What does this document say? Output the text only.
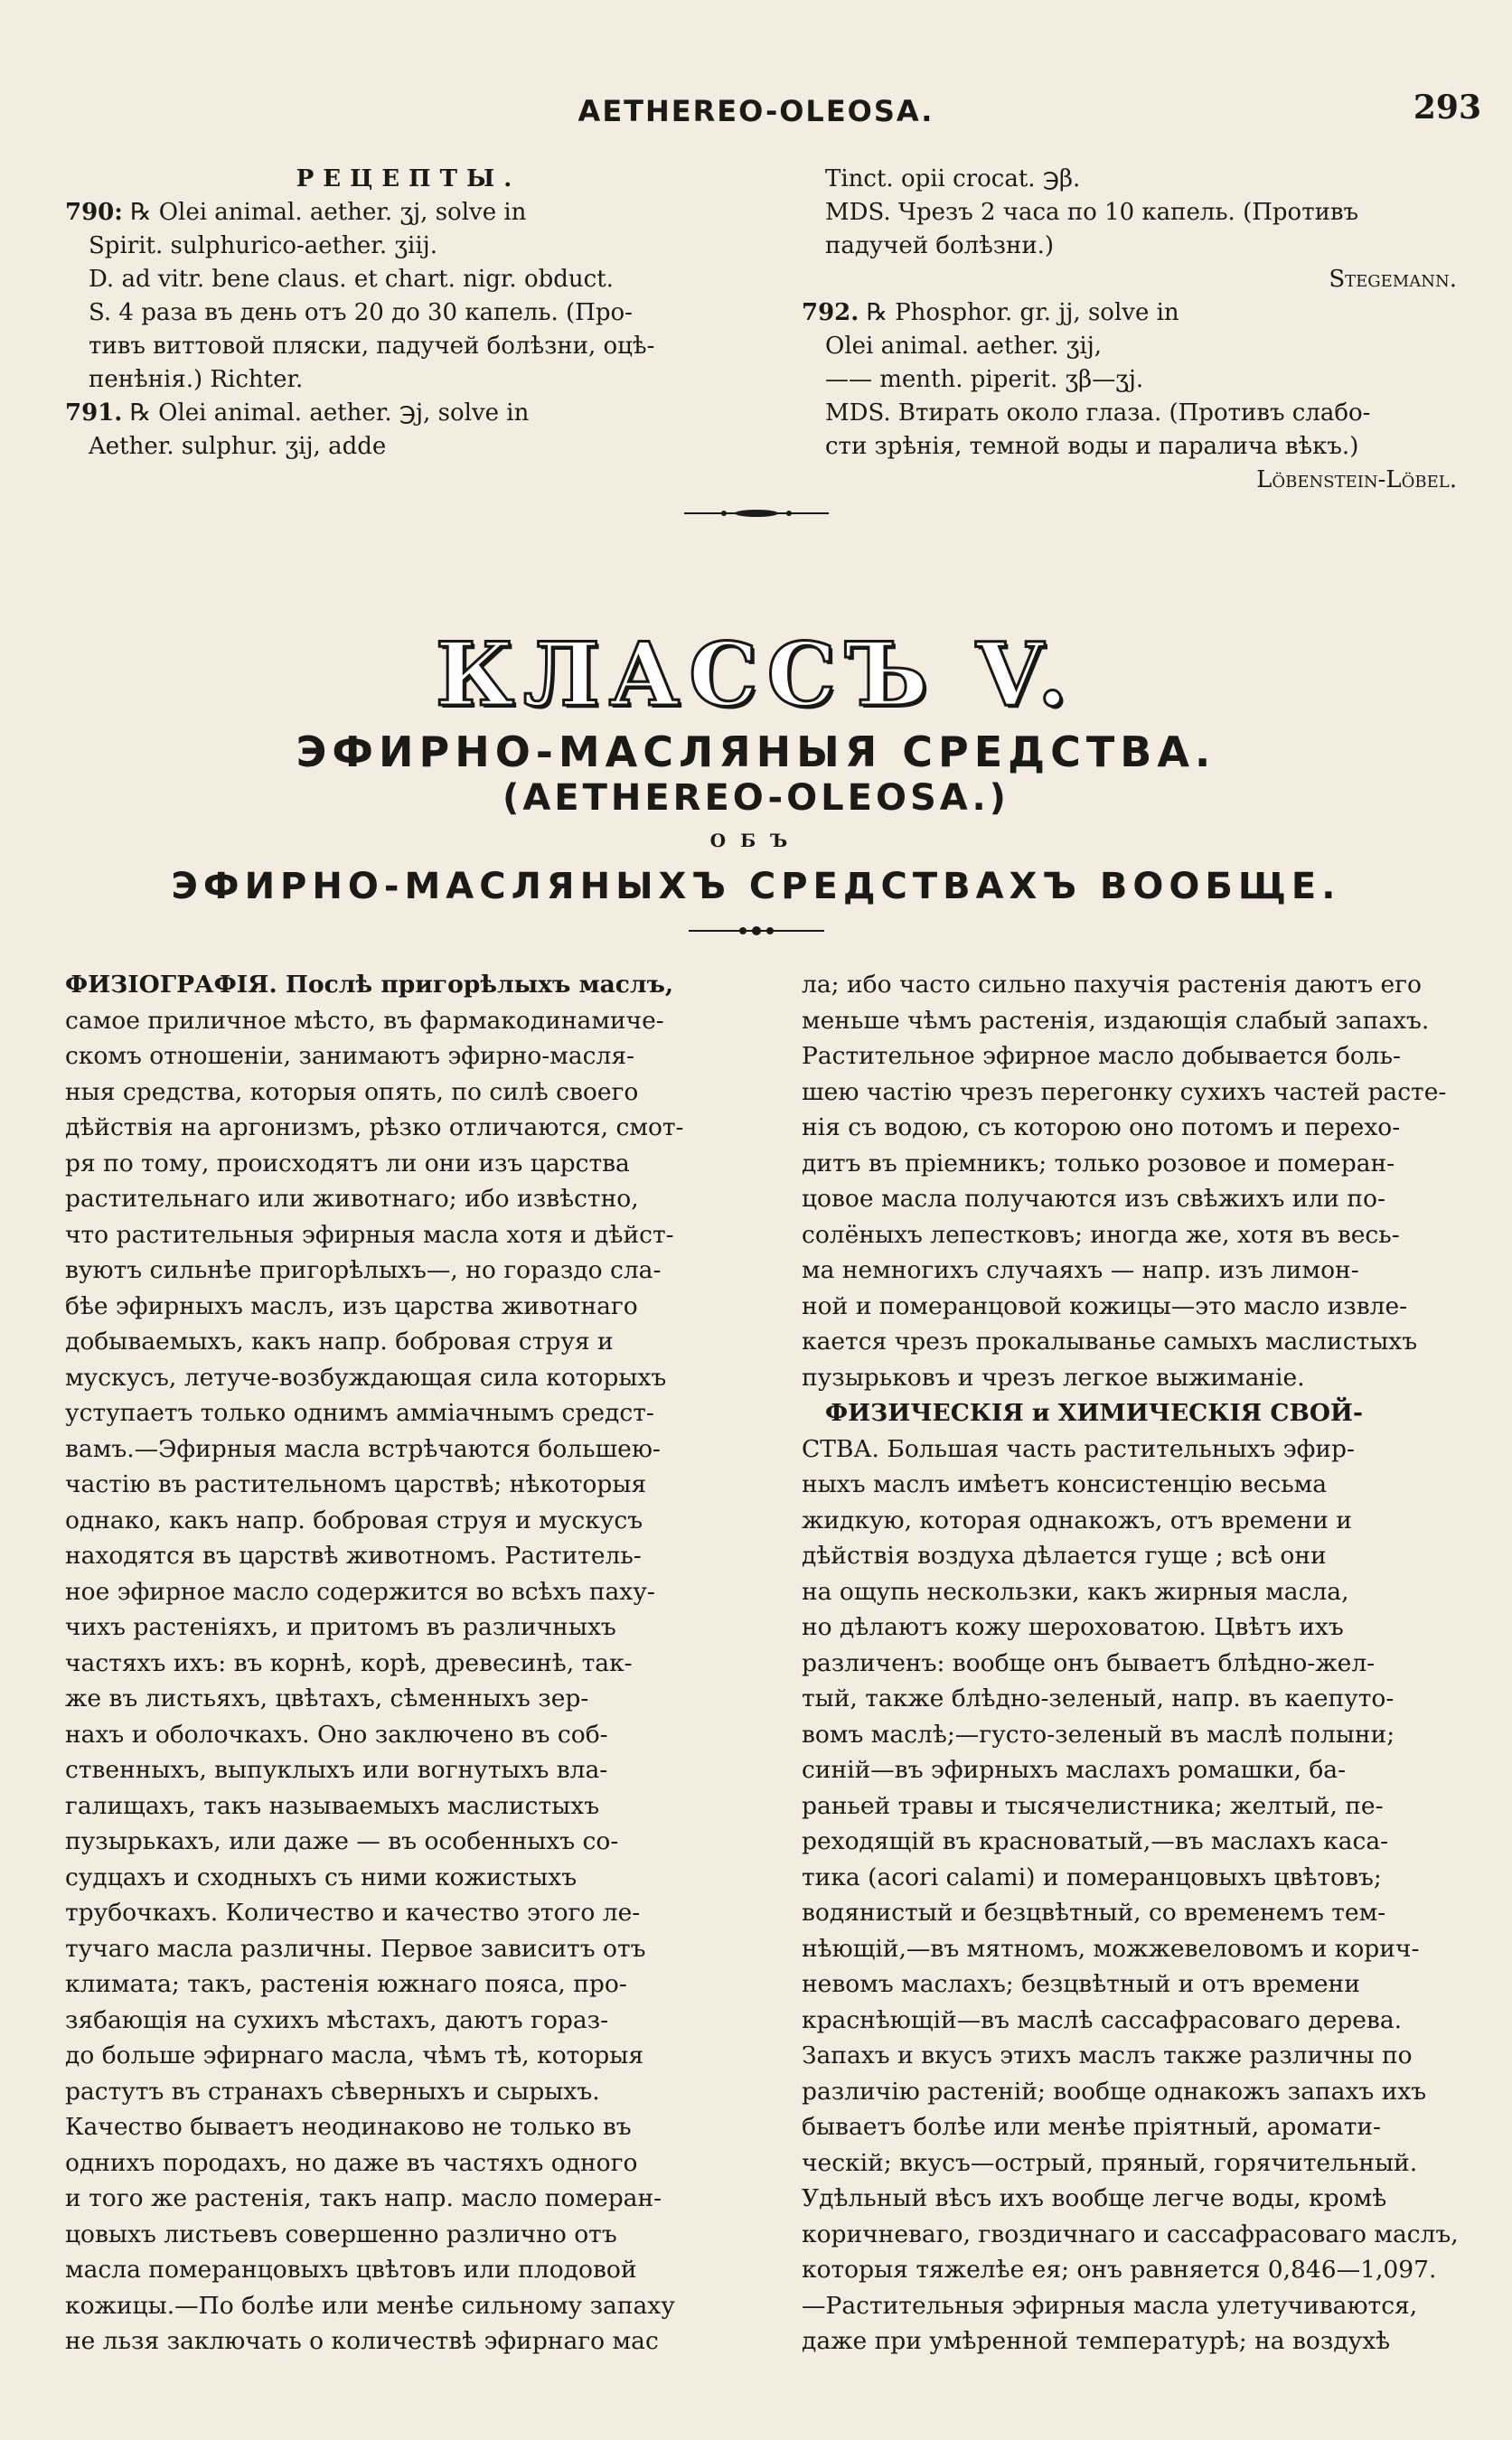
AETHEREO-OLEOSA.	293

РЕЦЕПТЫ.

790: ℞ Olei animal. aether. ʒj, solve in

Spirit. sulphurico-aether. ʒiij.

D. ad vitr. bene claus. et chart. nigr. obduct.

S. 4 раза въ день отъ 20 до 30 капель. (Про-

тивъ виттовой пляски, падучей болѣзни, оцѣ-

пенѣнія.) Richter.

791. ℞ Olei animal. aether. ℈j, solve in

Aether. sulphur. ʒij, adde

Tinct. opii crocat. ℈β.

MDS. Чрезъ 2 часа по 10 капель. (Противъ

падучей болѣзни.)

Stegemann.

792. ℞ Phosphor. gr. jj, solve in

Olei animal. aether. ʒij,

—— menth. piperit. ʒβ—ʒj.

MDS. Втирать около глаза. (Противъ слабо-

сти зрѣнія, темной воды и паралича вѣкъ.)

Löbenstein-Löbel.

КЛАССЪ V.
ЭФИРНО-МАСЛЯНЫЯ СРЕДСТВА.
(AETHEREO-OLEOSA.)
ОБЪ
ЭФИРНО-МАСЛЯНЫХЪ СРЕДСТВАХЪ ВООБЩЕ.

ФИЗІОГРАФІЯ. Послѣ пригорѣлыхъ маслъ,

самое приличное мѣсто, въ фармакодинамиче-

скомъ отношеніи, занимаютъ эфирно-масля-

ныя средства, которыя опять, по силѣ своего

дѣйствія на аргонизмъ, рѣзко отличаются, смот-

ря по тому, происходятъ ли они изъ царства

растительнаго или животнаго; ибо извѣстно,

что растительныя эфирныя масла хотя и дѣйст-

вуютъ сильнѣе пригорѣлыхъ—, но гораздо сла-

бѣе эфирныхъ маслъ, изъ царства животнаго

добываемыхъ, какъ напр. бобровая струя и

мускусъ, летуче-возбуждающая сила которыхъ

уступаетъ только однимъ аммiачнымъ средст-

вамъ.—Эфирныя масла встрѣчаются большею-

частію въ растительномъ царствѣ; нѣкоторыя

однако, какъ напр. бобровая струя и мускусъ

находятся въ царствѣ животномъ. Раститель-

ное эфирное масло содержится во всѣхъ паху-

чихъ растеніяхъ, и притомъ въ различныхъ

частяхъ ихъ: въ корнѣ, корѣ, древесинѣ, так-

же въ листьяхъ, цвѣтахъ, сѣменныхъ зер-

нахъ и оболочкахъ. Оно заключено въ соб-

ственныхъ, выпуклыхъ или вогнутыхъ вла-

галищахъ, такъ называемыхъ маслистыхъ

пузырькахъ, или даже — въ особенныхъ со-

судцахъ и сходныхъ съ ними кожистыхъ

трубочкахъ. Количество и качество этого ле-

тучаго масла различны. Первое зависитъ отъ

климата; такъ, растенія южнаго пояса, про-

зябающія на сухихъ мѣстахъ, даютъ гораз-

до больше эфирнаго масла, чѣмъ тѣ, которыя

растутъ въ странахъ сѣверныхъ и сырыхъ.

Качество бываетъ неодинаково не только въ

однихъ породахъ, но даже въ частяхъ одного

и того же растенія, такъ напр. масло померан-

цовыхъ листьевъ совершенно различно отъ

масла померанцовыхъ цвѣтовъ или плодовой

кожицы.—По болѣе или менѣе сильному запаху

не льзя заключать о количествѣ эфирнаго мас

ла; ибо часто сильно пахучія растенія даютъ его

меньше чѣмъ растенія, издающія слабый запахъ.

Растительное эфирное масло добывается боль-

шею частію чрезъ перегонку сухихъ частей расте-

нія съ водою, съ которою оно потомъ и перехо-

дитъ въ пріемникъ; только розовое и померан-

цовое масла получаются изъ свѣжихъ или по-

солёныхъ лепестковъ; иногда же, хотя въ весь-

ма немногихъ случаяхъ — напр. изъ лимон-

ной и померанцовой кожицы—это масло извле-

кается чрезъ прокалыванье самыхъ маслистыхъ

пузырьковъ и чрезъ легкое выжиманіе.

ФИЗИЧЕСКІЯ и ХИМИЧЕСКІЯ СВОЙ-

СТВА. Большая часть растительныхъ эфир-

ныхъ маслъ имѣетъ консистенцію весьма

жидкую, которая однакожъ, отъ времени и

дѣйствія воздуха дѣлается гуще ; всѣ они

на ощупь нескользки, какъ жирныя масла,

но дѣлаютъ кожу шероховатою. Цвѣтъ ихъ

различенъ: вообще онъ бываетъ блѣдно-жел-

тый, также блѣдно-зеленый, напр. въ каепуто-

вомъ маслѣ;—густо-зеленый въ маслѣ полыни;

синій—въ эфирныхъ маслахъ ромашки, ба-

раньей травы и тысячелистника; желтый, пе-

реходящій въ красноватый,—въ маслахъ каса-

тика (acori calami) и померанцовыхъ цвѣтовъ;

водянистый и безцвѣтный, со временемъ тем-

нѣющій,—въ мятномъ, можжевеловомъ и корич-

невомъ маслахъ; безцвѣтный и отъ времени

краснѣющій—въ маслѣ сассафрасоваго дерева.

Запахъ и вкусъ этихъ маслъ также различны по

различію растеній; вообще однакожъ запахъ ихъ

бываетъ болѣе или менѣе пріятный, аромати-

ческій; вкусъ—острый, пряный, горячительный.

Удѣльный вѣсъ ихъ вообще легче воды, кромѣ

коричневаго, гвоздичнаго и сассафрасоваго маслъ,

которыя тяжелѣе ея; онъ равняется 0,846—1,097.

—Растительныя эфирныя масла улетучиваются,

даже при умѣренной температурѣ; на воздухѣ
